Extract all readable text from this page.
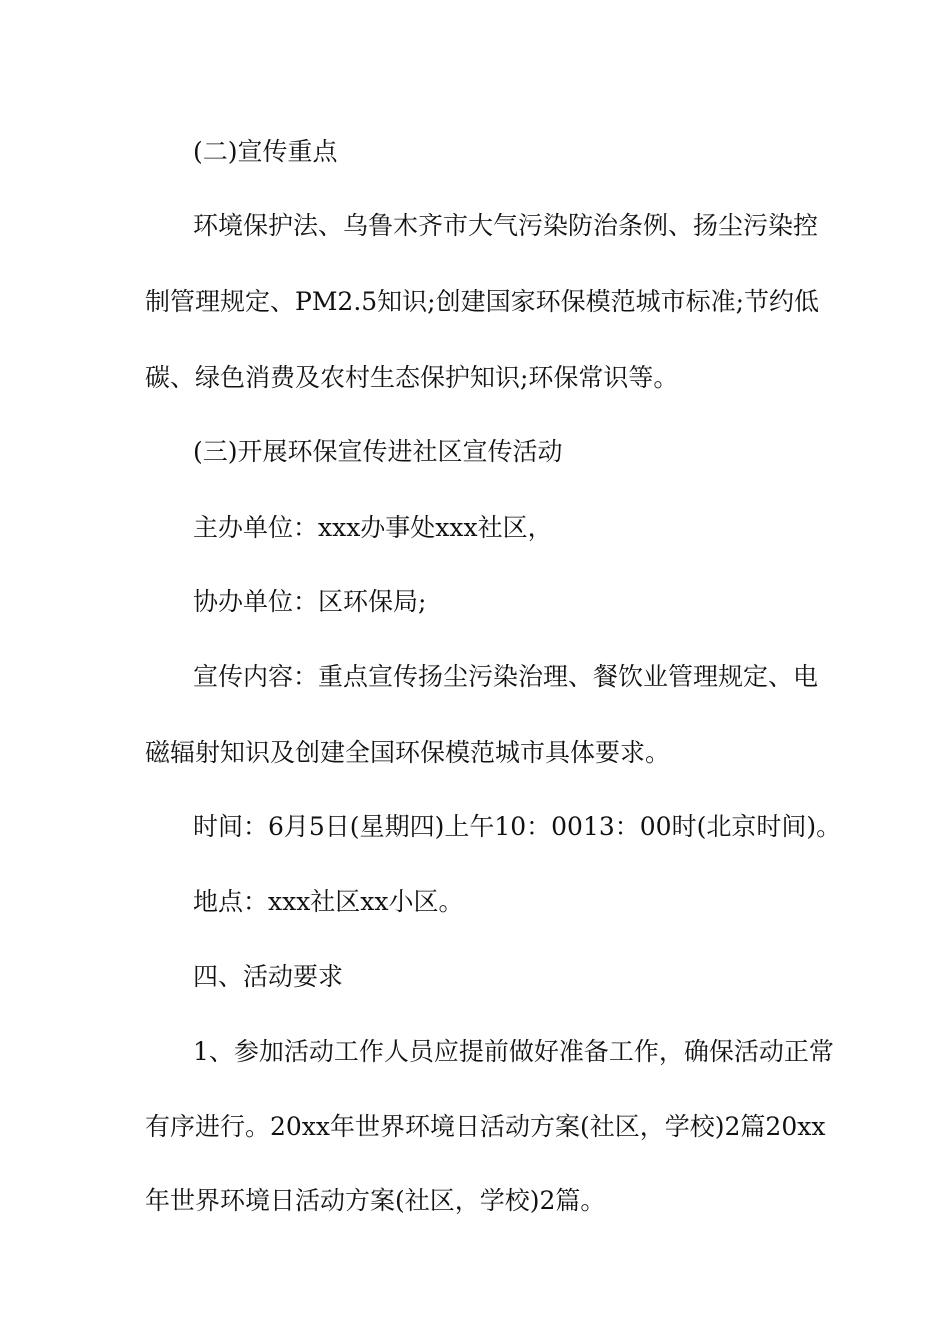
(二)宣传重点
环境保护法、乌鲁木齐市大气污染防治条例、扬尘污染控
制管理规定、PM2.5知识;创建国家环保模范城市标准;节约低
碳、绿色消费及农村生态保护知识;环保常识等。
(三)开展环保宣传进社区宣传活动
主办单位：xxx办事处xxx社区，
协办单位：区环保局;
宣传内容：重点宣传扬尘污染治理、餐饮业管理规定、电
磁辐射知识及创建全国环保模范城市具体要求。
时间：6月5日(星期四)上午10：0013：00时(北京时间)。
地点：xxx社区xx小区。
四、活动要求
1、参加活动工作人员应提前做好准备工作，确保活动正常
有序进行。20xx年世界环境日活动方案(社区，学校)2篇20xx
年世界环境日活动方案(社区，学校)2篇。
